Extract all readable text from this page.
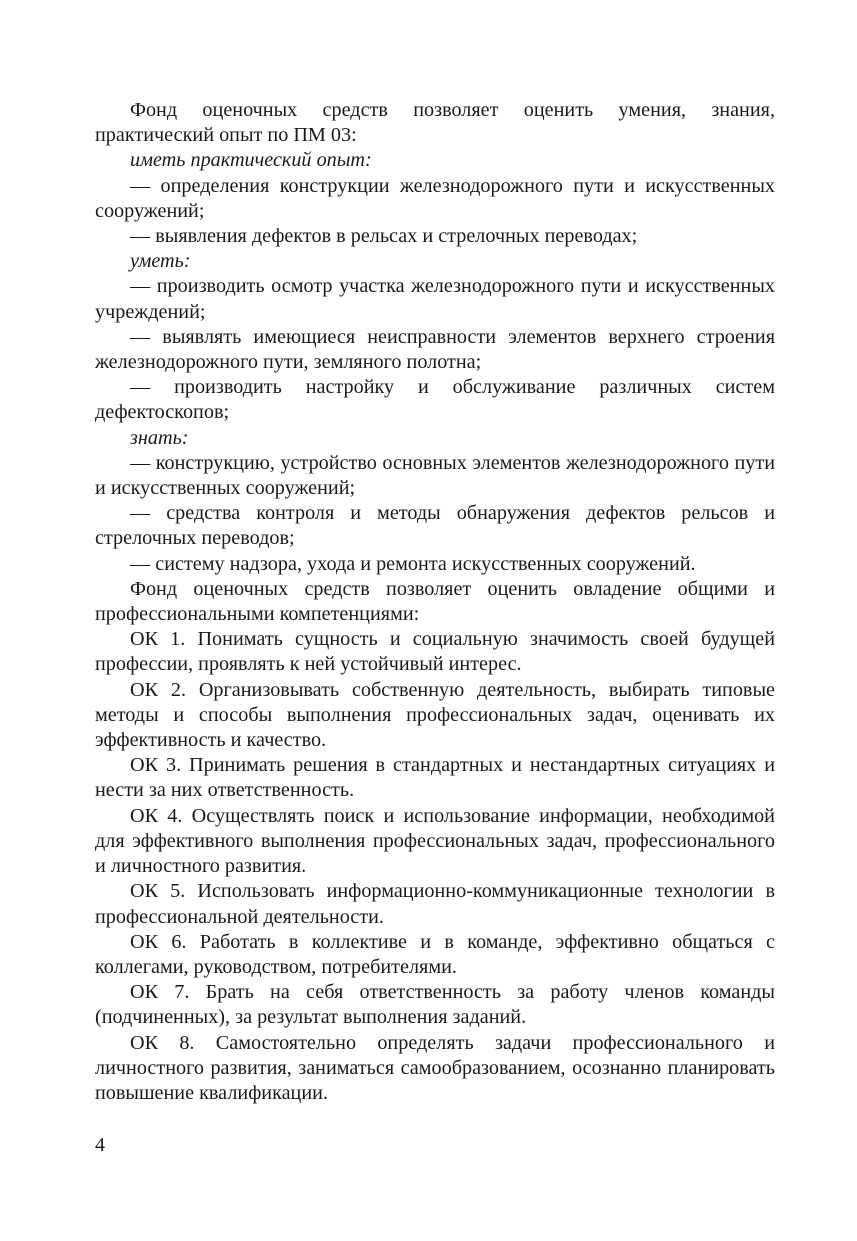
Фонд оценочных средств позволяет оценить умения, знания, практический опыт по ПМ 03:

иметь практический опыт:

— определения конструкции железнодорожного пути и искусственных сооружений;

— выявления дефектов в рельсах и стрелочных переводах;

уметь:

— производить осмотр участка железнодорожного пути и искусственных учреждений;

— выявлять имеющиеся неисправности элементов верхнего строения железнодорожного пути, земляного полотна;

— производить настройку и обслуживание различных систем дефектоскопов;

знать:

— конструкцию, устройство основных элементов железнодорожного пути и искусственных сооружений;

— средства контроля и методы обнаружения дефектов рельсов и стрелочных переводов;

— систему надзора, ухода и ремонта искусственных сооружений.

Фонд оценочных средств позволяет оценить овладение общими и профессиональными компетенциями:

ОК 1. Понимать сущность и социальную значимость своей будущей профессии, проявлять к ней устойчивый интерес.

ОК 2. Организовывать собственную деятельность, выбирать типовые методы и способы выполнения профессиональных задач, оценивать их эффективность и качество.

ОК 3. Принимать решения в стандартных и нестандартных ситуациях и нести за них ответственность.

ОК 4. Осуществлять поиск и использование информации, необходимой для эффективного выполнения профессиональных задач, профессионального и личностного развития.

ОК 5. Использовать информационно-коммуникационные технологии в профессиональной деятельности.

ОК 6. Работать в коллективе и в команде, эффективно общаться с коллегами, руководством, потребителями.

ОК 7. Брать на себя ответственность за работу членов команды (подчиненных), за результат выполнения заданий.

ОК 8. Самостоятельно определять задачи профессионального и личностного развития, заниматься самообразованием, осознанно планировать повышение квалификации.

4
